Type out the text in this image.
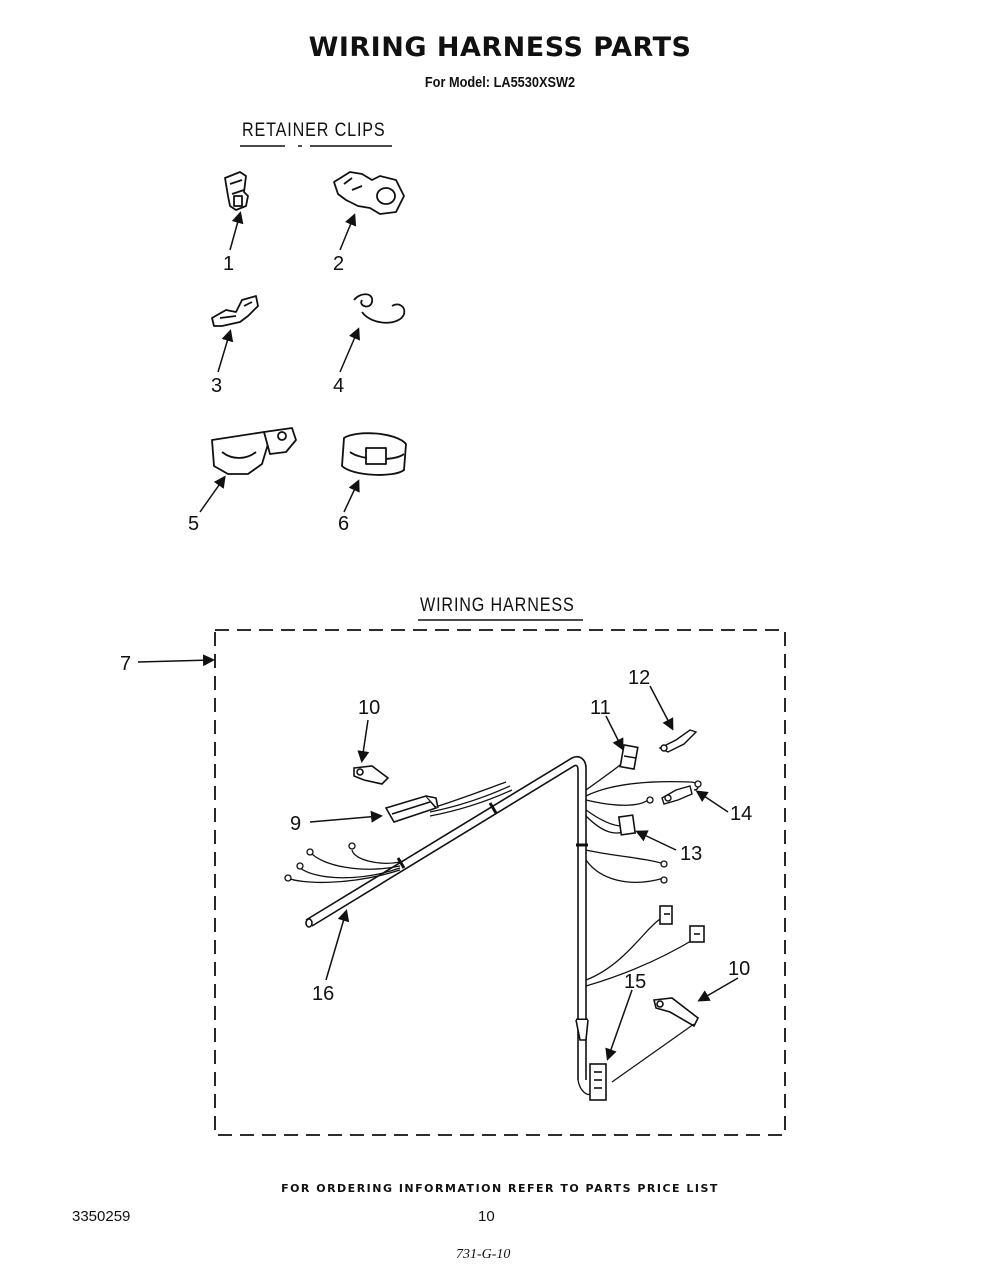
WIRING HARNESS PARTS
For Model: LA5530XSW2
RETAINER CLIPS
WIRING HARNESS
1	2
3	4
5	6
7
10
9
11
12
13
14
15
10
16
FOR ORDERING INFORMATION REFER TO PARTS PRICE LIST
3350259	10
731-G-10
